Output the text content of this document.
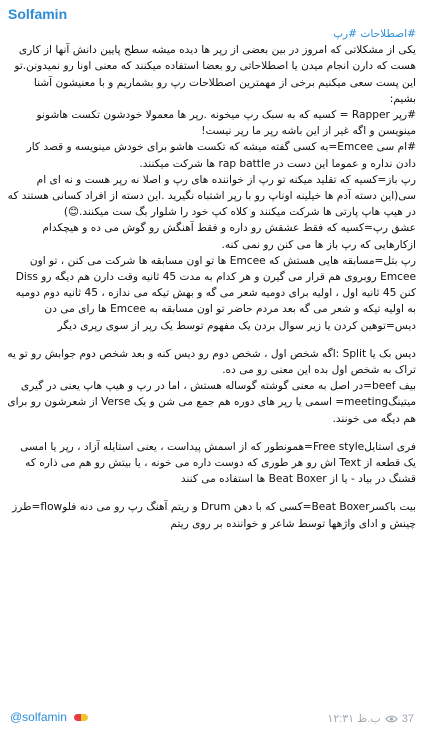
Solfamin

#اصطلاحات #رپ

یکی از مشکلاتی که امروز در بین بعضی از رپر ها دیده میشه سطح پایین دانش آنها از کاری هست که دارن انجام میدن یا اصطلاحاتی رو بعضا استفاده میکنند که معنی اونا رو نمیدونن.تو این پست سعی میکنیم برخی از مهمترین اصطلاحات رپ رو بشماریم و با معنیشون آشنا بشیم:

#رپر Rapper = کسیه که به سبک رپ میخونه .رپر ها معمولا خودشون تکست هاشونو مینویسن و اگه غیر از این باشه رپر ما رپر نیست!

#ام سی Emcee=به کسی گفته میشه که تکست هاشو برای خودش مینویسه و قصد کار دادن نداره و عموما این دست در rap battle ها شرکت میکنند.

رپ باز=کسیه که تقلید میکنه تو رپ از خواننده های رپ و اصلا نه رپر هست و نه ای ام سی(این دسته آدم ها خیلینه اوناپ رو با رپر اشتباه نگیرید .این دسته از افراد کسانی هستند که در هیپ هاپ پارتی ها شرکت میکنند و کلاه کپ خود را شلوار بگ ست میکنند.😊)

عشق رپ=کسیه که فقط عشقش رو داره و فقط آهنگش رو گوش می ده و هیچکدام ازکارهایی که رپ باز ها می کنن رو نمی کنه.

رپ بتل=مسابقه هایی هستش که Emcee ها تو اون مسابقه ها شرکت می کنن ، تو اون Emcee روبروی هم قرار می گیرن و هر کدام به مدت 45 ثانیه وقت دارن هم دیگه رو Diss کنن 45 ثانیه اول ، اولیه برای دومیه شعر می گه و بهش تیکه می ندازه ، 45 ثانیه دوم دومیه به اولیه تیکه و شعر می گه بعد مردم حاضر تو اون مسابقه به Emcee ها رای می دن

دیس=توهین کردن یا زیر سوال بردن یک مفهوم توسط یک رپر از سوی رپری دیگر

دیس بک یا Split :اگه شخص اول ، شخص دوم رو دیس کنه و بعد شخص دوم جوابش رو تو یه تراک به شخص اول بده این معنی رو می ده.

بیف beef=در اصل به معنی گوشته گوساله هستش ، اما در رپ و هیپ هاپ یعنی در گیری

میتینگmeeting= اسمی یا رپر های دوره هم جمع می شن و یک Verse از شعرشون رو برای هم دیگه می خونند.

فری استایلFree style=همونطور که از اسمش پیداست ، یعنی استایله آزاد ، رپر یا امسی یک قطعه از Text اش رو هر طوری که دوست داره می خونه ، یا بیتش رو هم می ذاره که قشنگ در بیاد - یا از Beat Boxer ها استفاده می کنند

بیت باکسرBeat Boxer=کسی که با دهن Drum و ریتم آهنگ رپ رو می دنه فلوflow=طرز چینش و ادای واژهها توسط شاعر و خواننده بر روی ریتم

@solfamin	ب.ظ ۱۲:۳۱ 37
